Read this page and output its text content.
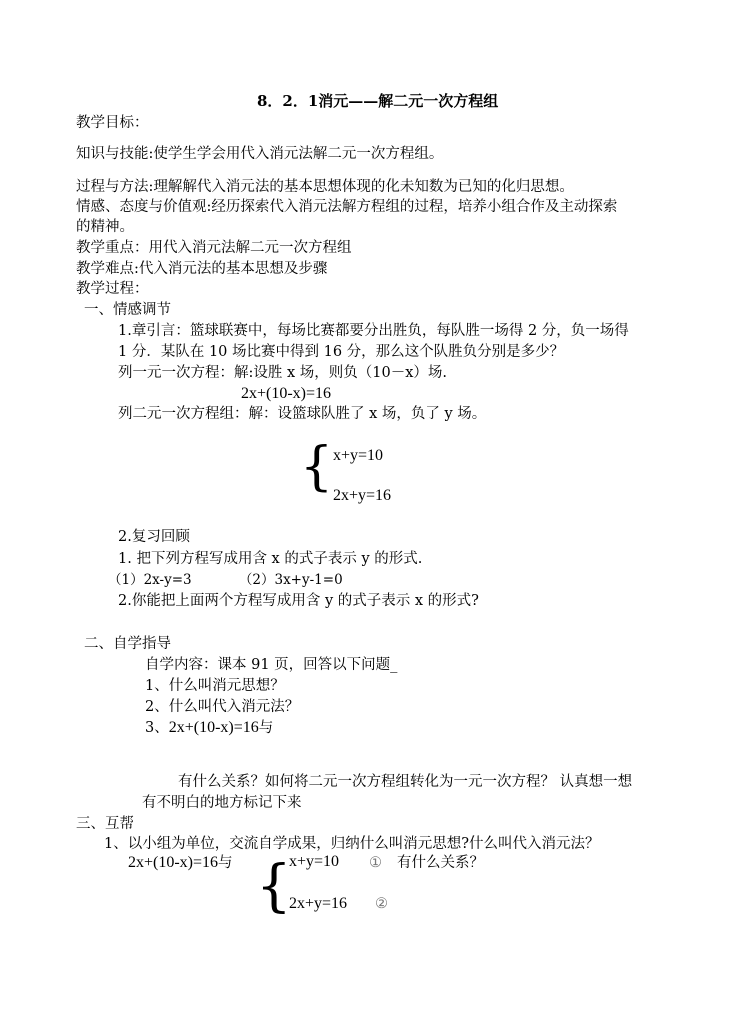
8．2．1消元——解二元一次方程组
教学目标：
知识与技能:使学生学会用代入消元法解二元一次方程组。
过程与方法:理解解代入消元法的基本思想体现的化未知数为已知的化归思想。
情感、态度与价值观:经历探索代入消元法解方程组的过程，培养小组合作及主动探索
的精神。
教学重点：用代入消元法解二元一次方程组
教学难点:代入消元法的基本思想及步骤
教学过程：
一、情感调节
1.章引言：篮球联赛中，每场比赛都要分出胜负，每队胜一场得 2 分，负一场得
1 分．某队在 10 场比赛中得到 16 分，那么这个队胜负分别是多少？
列一元一次方程：解:设胜 x 场，则负（10－x）场.
2x+(10-x)=16
列二元一次方程组：解：设篮球队胜了 x 场，负了 y 场。
{ x+y=10
2x+y=16
2.复习回顾
1. 把下列方程写成用含 x 的式子表示 y 的形式.
（1）2x-y=3　　　　（2）3x+y-1=0
2.你能把上面两个方程写成用含 y 的式子表示 x 的形式?
二、自学指导
自学内容：课本 91 页，回答以下问题_
1、什么叫消元思想？
2、什么叫代入消元法？
3、2x+(10-x)=16与
有什么关系？如何将二元一次方程组转化为一元一次方程？ 认真想一想
有不明白的地方标记下来
三、互帮
1、以小组为单位，交流自学成果，归纳什么叫消元思想?什么叫代入消元法？
2x+(10-x)=16与 {
x+y=10 ① 有什么关系？
2x+y=16 ②
